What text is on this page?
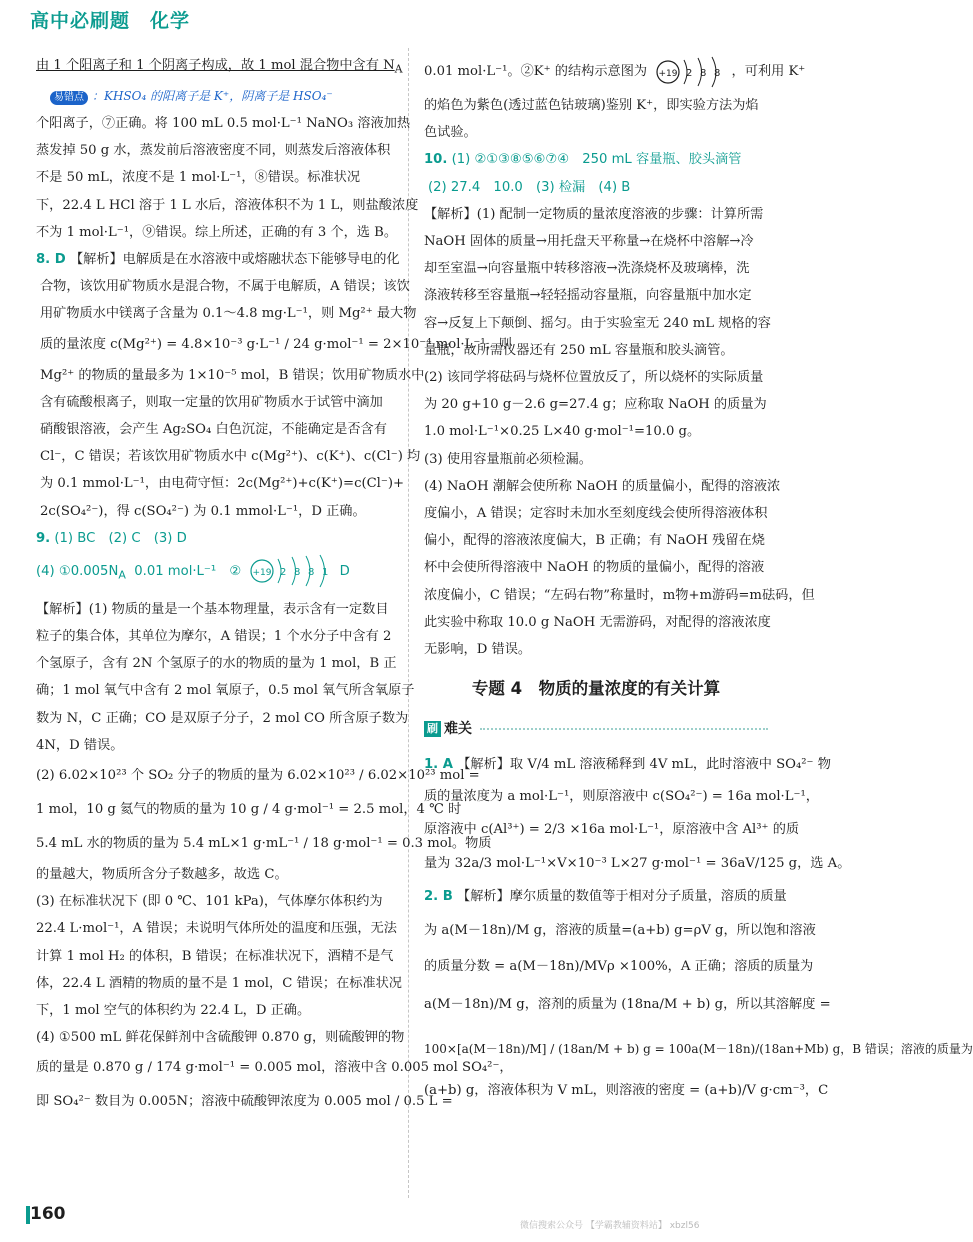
高中必刷题　化学
由 1 个阳离子和 1 个阴离子构成，故 1 mol 混合物中含有 $N_A$
易错点 ：KHSO₄ 的阳离子是 K⁺，阴离子是 HSO₄⁻
个阳离子，⑦正确。将 100 mL 0.5 mol·L⁻¹ NaNO₃ 溶液加热
蒸发掉 50 g 水，蒸发前后溶液密度不同，则蒸发后溶液体积
不是 50 mL，浓度不是 1 mol·L⁻¹，⑧错误。标准状况
下，22.4 L HCl 溶于 1 L 水后，溶液体积不为 1 L，则盐酸浓度
不为 1 mol·L⁻¹，⑨错误。综上所述，正确的有 3 个，选 B。
8. D 【解析】电解质是在水溶液中或熔融状态下能够导电的化
合物，该饮用矿物质水是混合物，不属于电解质，A 错误；该饮
用矿物质水中镁离子含量为 0.1～4.8 mg·L⁻¹，则 Mg²⁺ 最大物
质的量浓度 c(Mg²⁺) = 4.8×10⁻³ g·L⁻¹ / 24 g·mol⁻¹ = 2×10⁻⁴ mol·L⁻¹，则
Mg²⁺ 的物质的量最多为 1×10⁻⁵ mol，B 错误；饮用矿物质水中
含有硫酸根离子，则取一定量的饮用矿物质水于试管中滴加
硝酸银溶液，会产生 Ag₂SO₄ 白色沉淀，不能确定是否含有
Cl⁻，C 错误；若该饮用矿物质水中 c(Mg²⁺)、c(K⁺)、c(Cl⁻) 均
为 0.1 mmol·L⁻¹，由电荷守恒：2c(Mg²⁺)+c(K⁺)=c(Cl⁻)+
2c(SO₄²⁻)，得 c(SO₄²⁻) 为 0.1 mmol·L⁻¹，D 正确。
9. (1) BC　(2) C　(3) D
(4) $①0.005N_A$ 0.01 mol·L⁻¹　② +19 2 8 8 1 D
【解析】(1) 物质的量是一个基本物理量，表示含有一定数目
粒子的集合体，其单位为摩尔，A 错误；1 个水分子中含有 2
个氢原子，含有 2N 个氢原子的水的物质的量为 1 mol，B 正
确；1 mol 氧气中含有 2 mol 氧原子，0.5 mol 氧气所含氧原子
数为 N，C 正确；CO 是双原子分子，2 mol CO 所含原子数为
4N，D 错误。
(2) 6.02×10²³ 个 SO₂ 分子的物质的量为 6.02×10²³ / 6.02×10²³ mol =
1 mol，10 g 氦气的物质的量为 10 g / 4 g·mol⁻¹ = 2.5 mol，4 ℃ 时
5.4 mL 水的物质的量为 5.4 mL×1 g·mL⁻¹ / 18 g·mol⁻¹ = 0.3 mol。物质
的量越大，物质所含分子数越多，故选 C。
(3) 在标准状况下 (即 0 ℃、101 kPa)，气体摩尔体积约为
22.4 L·mol⁻¹，A 错误；未说明气体所处的温度和压强，无法
计算 1 mol H₂ 的体积，B 错误；在标准状况下，酒精不是气
体，22.4 L 酒精的物质的量不是 1 mol，C 错误；在标准状况
下，1 mol 空气的体积约为 22.4 L，D 正确。
(4) ①500 mL 鲜花保鲜剂中含硫酸钾 0.870 g，则硫酸钾的物
质的量是 0.870 g / 174 g·mol⁻¹ = 0.005 mol，溶液中含 0.005 mol SO₄²⁻，
即 SO₄²⁻ 数目为 0.005N；溶液中硫酸钾浓度为 0.005 mol / 0.5 L =
0.01 mol·L⁻¹。②K⁺ 的结构示意图为 +19 2 8 8 ，可利用 K⁺
的焰色为紫色(透过蓝色钴玻璃)鉴别 K⁺，即实验方法为焰
色试验。
10. (1) ②①③⑧⑤⑥⑦④　250 mL 容量瓶、胶头滴管
(2) 27.4　10.0　(3) 检漏　(4) B
【解析】(1) 配制一定物质的量浓度溶液的步骤：计算所需
NaOH 固体的质量→用托盘天平称量→在烧杯中溶解→冷
却至室温→向容量瓶中转移溶液→洗涤烧杯及玻璃棒，洗
涤液转移至容量瓶→轻轻摇动容量瓶，向容量瓶中加水定
容→反复上下颠倒、摇匀。由于实验室无 240 mL 规格的容
量瓶，故所需仪器还有 250 mL 容量瓶和胶头滴管。
(2) 该同学将砝码与烧杯位置放反了，所以烧杯的实际质量
为 20 g+10 g－2.6 g=27.4 g；应称取 NaOH 的质量为
1.0 mol·L⁻¹×0.25 L×40 g·mol⁻¹=10.0 g。
(3) 使用容量瓶前必须检漏。
(4) NaOH 潮解会使所称 NaOH 的质量偏小，配得的溶液浓
度偏小，A 错误；定容时未加水至刻度线会使所得溶液体积
偏小，配得的溶液浓度偏大，B 正确；有 NaOH 残留在烧
杯中会使所得溶液中 NaOH 的物质的量偏小，配得的溶液
浓度偏小，C 错误；“左码右物”称量时，m物+m游码=m砝码，但
此实验中称取 10.0 g NaOH 无需游码，对配得的溶液浓度
无影响，D 错误。
专题 4　物质的量浓度的有关计算
刷 难关
1. A 【解析】取 V/4 mL 溶液稀释到 4V mL，此时溶液中 SO₄²⁻ 物
质的量浓度为 a mol·L⁻¹，则原溶液中 c(SO₄²⁻) = 16a mol·L⁻¹，
原溶液中 c(Al³⁺) = 2/3 ×16a mol·L⁻¹，原溶液中含 Al³⁺ 的质
量为 32a/3 mol·L⁻¹×V×10⁻³ L×27 g·mol⁻¹ = 36aV/125 g，选 A。
2. B 【解析】摩尔质量的数值等于相对分子质量，溶质的质量
为 a(M－18n)/M g，溶液的质量=(a+b) g=ρV g，所以饱和溶液
的质量分数 = a(M－18n)/MVρ ×100%，A 正确；溶质的质量为
a(M－18n)/M g，溶剂的质量为 (18na/M + b) g，所以其溶解度 =
100×[a(M－18n)/M] / (18an/M + b) g = 100a(M－18n)/(18an+Mb) g，B 错误；溶液的质量为
(a+b) g，溶液体积为 V mL，则溶液的密度 = (a+b)/V g·cm⁻³，C
160
微信搜索公众号 【学霸教辅资料站】 xbzl56
